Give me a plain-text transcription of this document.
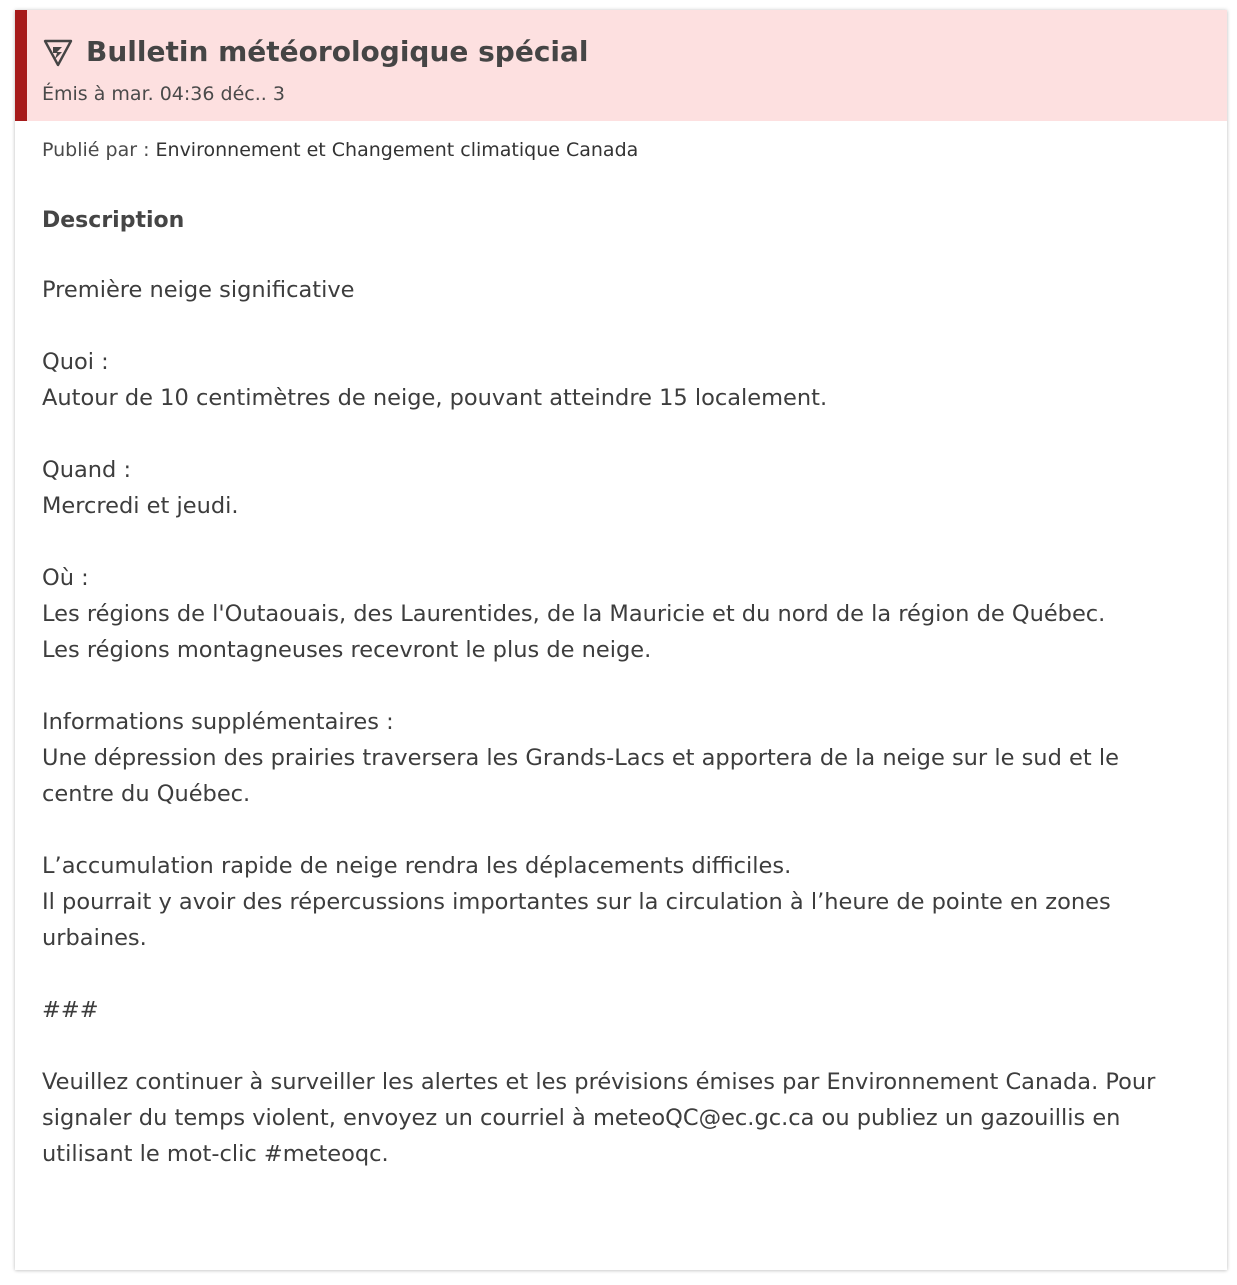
Bulletin météorologique spécial
Émis à mar. 04:36 déc.. 3
Publié par : Environnement et Changement climatique Canada
Description
Première neige significative

Quoi :
Autour de 10 centimètres de neige, pouvant atteindre 15 localement.

Quand :
Mercredi et jeudi.

Où :
Les régions de l'Outaouais, des Laurentides, de la Mauricie et du nord de la région de Québec.
Les régions montagneuses recevront le plus de neige.

Informations supplémentaires :
Une dépression des prairies traversera les Grands-Lacs et apportera de la neige sur le sud et le centre du Québec.

L’accumulation rapide de neige rendra les déplacements difficiles.
Il pourrait y avoir des répercussions importantes sur la circulation à l’heure de pointe en zones urbaines.

###

Veuillez continuer à surveiller les alertes et les prévisions émises par Environnement Canada. Pour signaler du temps violent, envoyez un courriel à meteoQC@ec.gc.ca ou publiez un gazouillis en utilisant le mot-clic #meteoqc.
